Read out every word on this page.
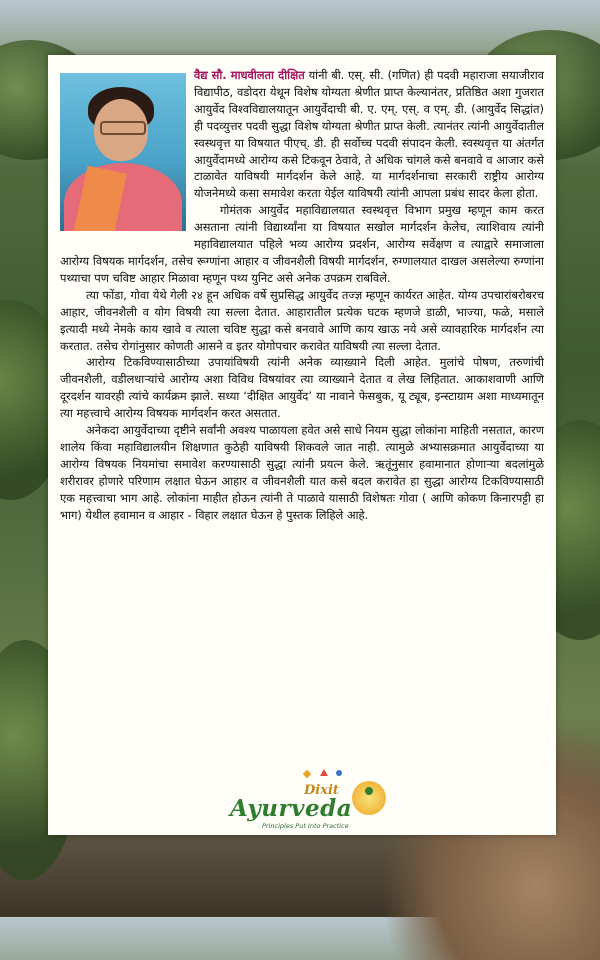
वैद्य सौ. माधवीलता दीक्षित यांनी बी. एस्. सी. (गणित) ही पदवी महाराजा सयाजीराव विद्यापीठ, वडोदरा येथून विशेष योग्यता श्रेणीत प्राप्त केल्यानंतर, प्रतिष्ठित अशा गुजरात आयुर्वेद विश्वविद्यालयातून आयुर्वेदाची बी. ए. एम्. एस्. व एम्. डी. (आयुर्वेद सिद्धांत) ही पदव्युत्तर पदवी सुद्धा विशेष योग्यता श्रेणीत प्राप्त केली. त्यानंतर त्यांनी आयुर्वेदातील स्वस्थवृत्त या विषयात पीएच्. डी. ही सर्वोच्च पदवी संपादन केली. स्वस्थवृत्त या अंतर्गत आयुर्वेदामध्ये आरोग्य कसे टिकवून ठेवावे, ते अधिक चांगले कसे बनवावे व आजार कसे टाळावेत याविषयी मार्गदर्शन केले आहे. या मार्गदर्शनाचा सरकारी राष्ट्रीय आरोग्य योजनेमध्ये कसा समावेश करता येईल याविषयी त्यांनी आपला प्रबंध सादर केला होता.

गोमंतक आयुर्वेद महाविद्यालयात स्वस्थवृत्त विभाग प्रमुख म्हणून काम करत असताना त्यांनी विद्यार्थ्यांना या विषयात सखोल मार्गदर्शन केलेच, त्याशिवाय त्यांनी महाविद्यालयात पहिले भव्य आरोग्य प्रदर्शन, आरोग्य सर्वेक्षण व त्याद्वारे समाजाला आरोग्य विषयक मार्गदर्शन, तसेच रूग्णांना आहार व जीवनशैली विषयी मार्गदर्शन, रुग्णालयात दाखल असलेल्या रुग्णांना पथ्याचा पण चविष्ट आहार मिळावा म्हणून पथ्य युनिट असे अनेक उपक्रम राबविले.

त्या फोंडा, गोवा येथे गेली २४ हून अधिक वर्षे सुप्रसिद्ध आयुर्वेद तज्ज्ञ म्हणून कार्यरत आहेत. योग्य उपचारांबरोबरच आहार, जीवनशैली व योग विषयी त्या सल्ला देतात. आहारातील प्रत्येक घटक म्हणजे डाळी, भाज्या, फळे, मसाले इत्यादी मध्ये नेमके काय खावे व त्याला चविष्ट सुद्धा कसे बनवावे आणि काय खाऊ नये असे व्यावहारिक मार्गदर्शन त्या करतात. तसेच रोगांनुसार कोणती आसने व इतर योगोपचार करावेत याविषयी त्या सल्ला देतात.

आरोग्य टिकविण्यासाठीच्या उपायांविषयी त्यांनी अनेक व्याख्याने दिली आहेत. मुलांचे पोषण, तरुणांची जीवनशैली, वडीलधाऱ्यांचे आरोग्य अशा विविध विषयांवर त्या व्याख्याने देतात व लेख लिहितात. आकाशवाणी आणि दूरदर्शन यावरही त्यांचे कार्यक्रम झाले. सध्या ‘दीक्षित आयुर्वेद’ या नावाने फेसबुक, यू ट्यूब, इन्स्टाग्राम अशा माध्यमातून त्या महत्त्वाचे आरोग्य विषयक मार्गदर्शन करत असतात.

अनेकदा आयुर्वेदाच्या दृष्टीने सर्वांनी अवश्य पाळायला हवेत असे साधे नियम सुद्धा लोकांना माहिती नसतात, कारण शालेय किंवा महाविद्यालयीन शिक्षणात कुठेही याविषयी शिकवले जात नाही. त्यामुळे अभ्यासक्रमात आयुर्वेदाच्या या आरोग्य विषयक नियमांचा समावेश करण्यासाठी सुद्धा त्यांनी प्रयत्न केले. ऋतूंनुसार हवामानात होणाऱ्या बदलांमुळे शरीरावर होणारे परिणाम लक्षात घेऊन आहार व जीवनशैली यात कसे बदल करावेत हा सुद्धा आरोग्य टिकविण्यासाठी एक महत्त्वाचा भाग आहे. लोकांना माहीत होऊन त्यांनी ते पाळावे यासाठी विशेषतः गोवा ( आणि कोकण किनारपट्टी हा भाग) येथील हवामान व आहार - विहार लक्षात घेऊन हे पुस्तक लिहिले आहे.

Dixit
Ayurveda
Principles Put Into Practice
